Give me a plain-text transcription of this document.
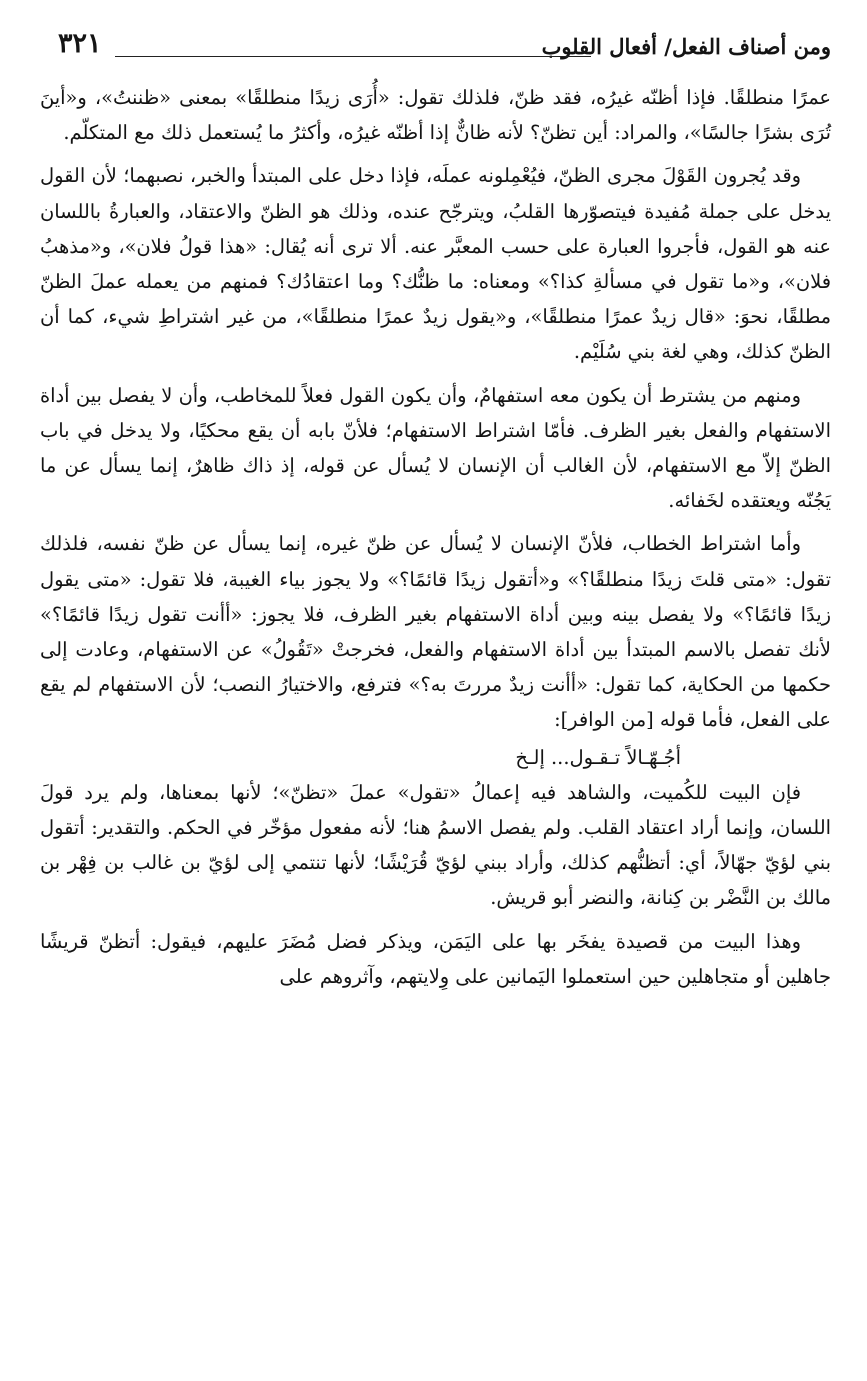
ومن أصناف الفعل/ أفعال القلوب
٣٢١

عمرًا منطلقًا. فإذا أظنّه غيرُه، فقد ظنّ، فلذلك تقول: «أُرَى زيدًا منطلقًا» بمعنى «ظننتُ»، و«أينَ تُرَى بشرًا جالسًا»، والمراد: أين تظنّ؟ لأنه ظانٌّ إذا أظنّه غيرُه، وأكثرُ ما يُستعمل ذلك مع المتكلّم.

وقد يُجرون القَوْلَ مجرى الظنّ، فيُعْمِلونه عملَه، فإذا دخل على المبتدأ والخبر، نصبهما؛ لأن القول يدخل على جملة مُفيدة فيتصوّرها القلبُ، ويترجّح عنده، وذلك هو الظنّ والاعتقاد، والعبارةُ باللسان عنه هو القول، فأجروا العبارة على حسب المعبَّر عنه. ألا ترى أنه يُقال: «هذا قولُ فلان»، و«مذهبُ فلان»، و«ما تقول في مسألةِ كذا؟» ومعناه: ما ظنُّك؟ وما اعتقادُك؟ فمنهم من يعمله عملَ الظنّ مطلقًا، نحوَ: «قال زيدٌ عمرًا منطلقًا»، و«يقول زيدٌ عمرًا منطلقًا»، من غير اشتراطِ شيء، كما أن الظنّ كذلك، وهي لغة بني سُلَيْم.

ومنهم من يشترط أن يكون معه استفهامٌ، وأن يكون القول فعلاً للمخاطب، وأن لا يفصل بين أداة الاستفهام والفعل بغير الظرف. فأمّا اشتراط الاستفهام؛ فلأنّ بابه أن يقع محكيًا، ولا يدخل في باب الظنّ إلاّ مع الاستفهام، لأن الغالب أن الإنسان لا يُسأل عن قوله، إذ ذاك ظاهرٌ، إنما يسأل عن ما يَجُنّه ويعتقده لخَفائه.

وأما اشتراط الخطاب، فلأنّ الإنسان لا يُسأل عن ظنّ غيره، إنما يسأل عن ظنّ نفسه، فلذلك تقول: «متى قلتَ زيدًا منطلقًا؟» و«أتقول زيدًا قائمًا؟» ولا يجوز بياء الغيبة، فلا تقول: «متى يقول زيدًا قائمًا؟» ولا يفصل بينه وبين أداة الاستفهام بغير الظرف، فلا يجوز: «أأنت تقول زيدًا قائمًا؟» لأنك تفصل بالاسم المبتدأ بين أداة الاستفهام والفعل، فخرجتْ «تَقُولُ» عن الاستفهام، وعادت إلى حكمها من الحكاية، كما تقول: «أأنت زيدٌ مررتَ به؟» فترفع، والاختيارُ النصب؛ لأن الاستفهام لم يقع على الفعل، فأما قوله [من الوافر]:

أجُـهّـالاً تـقـول... إلـخ

فإن البيت للكُميت، والشاهد فيه إعمالُ «تقول» عملَ «تظنّ»؛ لأنها بمعناها، ولم يرد قولَ اللسان، وإنما أراد اعتقاد القلب. ولم يفصل الاسمُ هنا؛ لأنه مفعول مؤخّر في الحكم. والتقدير: أتقول بني لؤيّ جهّالاً، أي: أتظنُّهم كذلك، وأراد ببني لؤيّ قُرَيْشًا؛ لأنها تنتمي إلى لؤيّ بن غالب بن فِهْر بن مالك بن النَّضْر بن كِنانة، والنضر أبو قريش.

وهذا البيت من قصيدة يفخَر بها على اليَمَن، ويذكر فضل مُضَرَ عليهم، فيقول: أتظنّ قريشًا جاهلين أو متجاهلين حين استعملوا اليَمانين على وِلايتهم، وآثروهم على
